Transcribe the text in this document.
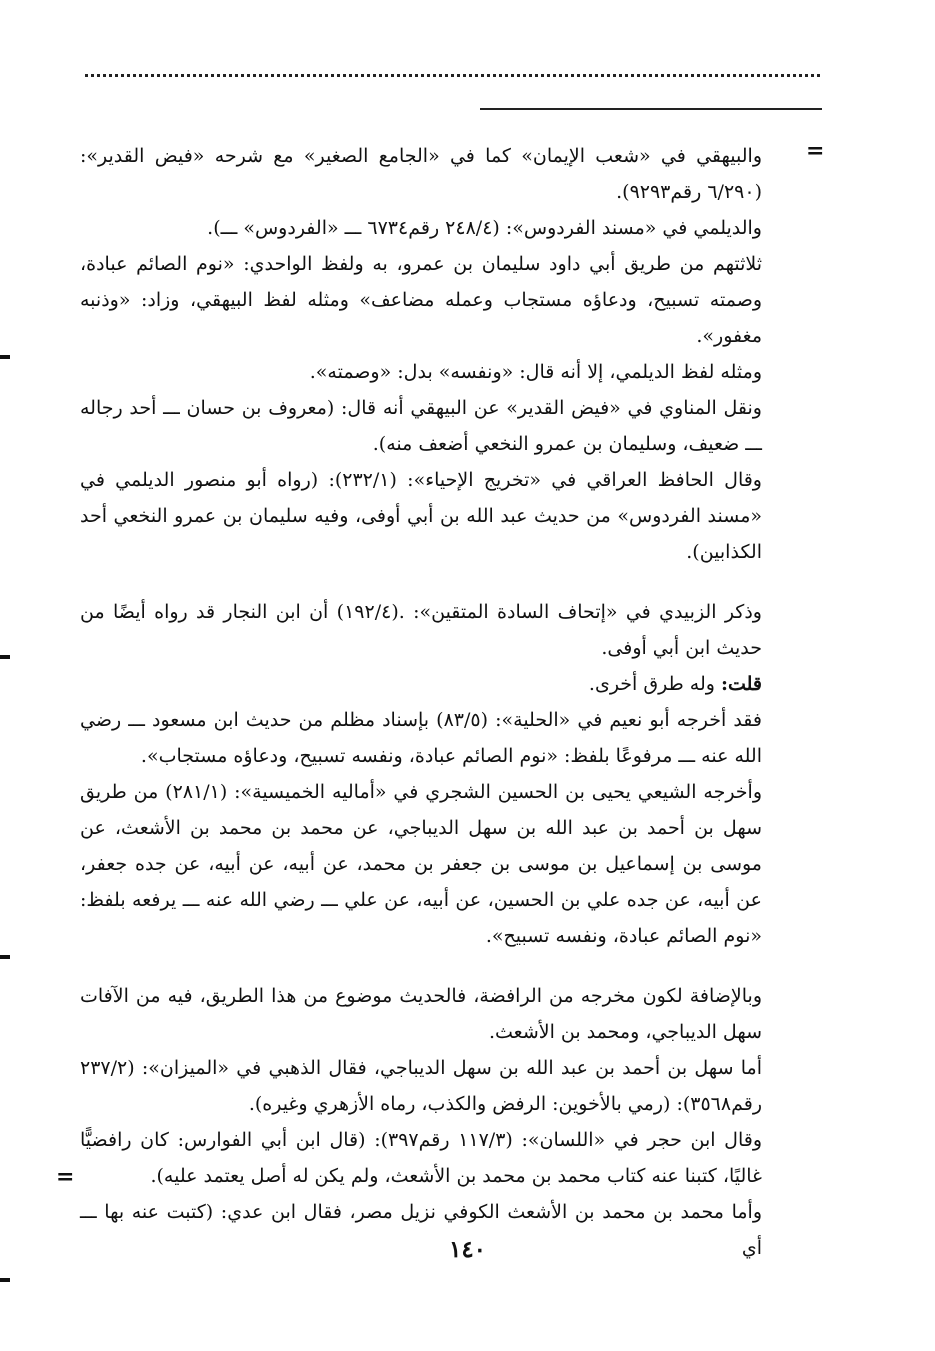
=

والبيهقي في «شعب الإيمان» كما في «الجامع الصغير» مع شرحه «فيض القدير»: (٦/٢٩٠ رقم٩٢٩٣).

والديلمي في «مسند الفردوس»: (٢٤٨/٤ رقم٦٧٣٤ ـــ «الفردوس» ـــ).

ثلاثتهم من طريق أبي داود سليمان بن عمرو، به ولفظ الواحدي: «نوم الصائم عبادة، وصمته تسبيح، ودعاؤه مستجاب وعمله مضاعف» ومثله لفظ البيهقي، وزاد: «وذنبه مغفور».

ومثله لفظ الديلمي، إلا أنه قال: «ونفسه» بدل: «وصمته».

ونقل المناوي في «فيض القدير» عن البيهقي أنه قال: (معروف بن حسان ـــ أحد رجاله ـــ ضعيف، وسليمان بن عمرو النخعي أضعف منه).

وقال الحافظ العراقي في «تخريج الإحياء»: (٢٣٢/١): (رواه أبو منصور الديلمي في «مسند الفردوس» من حديث عبد الله بن أبي أوفى، وفيه سليمان بن عمرو النخعي أحد الكذابين).

وذكر الزبيدي في «إتحاف السادة المتقين»: .(١٩٢/٤) أن ابن النجار قد رواه أيضًا من حديث ابن أبي أوفى.

قلت: وله طرق أخرى.

فقد أخرجه أبو نعيم في «الحلية»: (٨٣/٥) بإسناد مظلم من حديث ابن مسعود ـــ رضي الله عنه ـــ مرفوعًا بلفظ: «نوم الصائم عبادة، ونفسه تسبيح، ودعاؤه مستجاب».

وأخرجه الشيعي يحيى بن الحسين الشجري في «أماليه الخميسية»: (٢٨١/١) من طريق سهل بن أحمد بن عبد الله بن سهل الديباجي، عن محمد بن محمد بن الأشعث، عن موسى بن إسماعيل بن موسى بن جعفر بن محمد، عن أبيه، عن أبيه، عن جده جعفر، عن أبيه، عن جده علي بن الحسين، عن أبيه، عن علي ـــ رضي الله عنه ـــ يرفعه بلفظ: «نوم الصائم عبادة، ونفسه تسبيح».

وبالإضافة لكون مخرجه من الرافضة، فالحديث موضوع من هذا الطريق، فيه من الآفات سهل الديباجي، ومحمد بن الأشعث.

أما سهل بن أحمد بن عبد الله بن سهل الديباجي، فقال الذهبي في «الميزان»: (٢٣٧/٢ رقم٣٥٦٨): (رمي بالأخوين: الرفض والكذب، رماه الأزهري وغيره).

وقال ابن حجر في «اللسان»: (١١٧/٣ رقم٣٩٧): (قال ابن أبي الفوارس: كان رافضيًّا غاليًا، كتبنا عنه كتاب محمد بن محمد بن الأشعث، ولم يكن له أصل يعتمد عليه).

وأما محمد بن محمد بن الأشعث الكوفي نزيل مصر، فقال ابن عدي: (كتبت عنه بها ـــ أي

=
١٤٠
